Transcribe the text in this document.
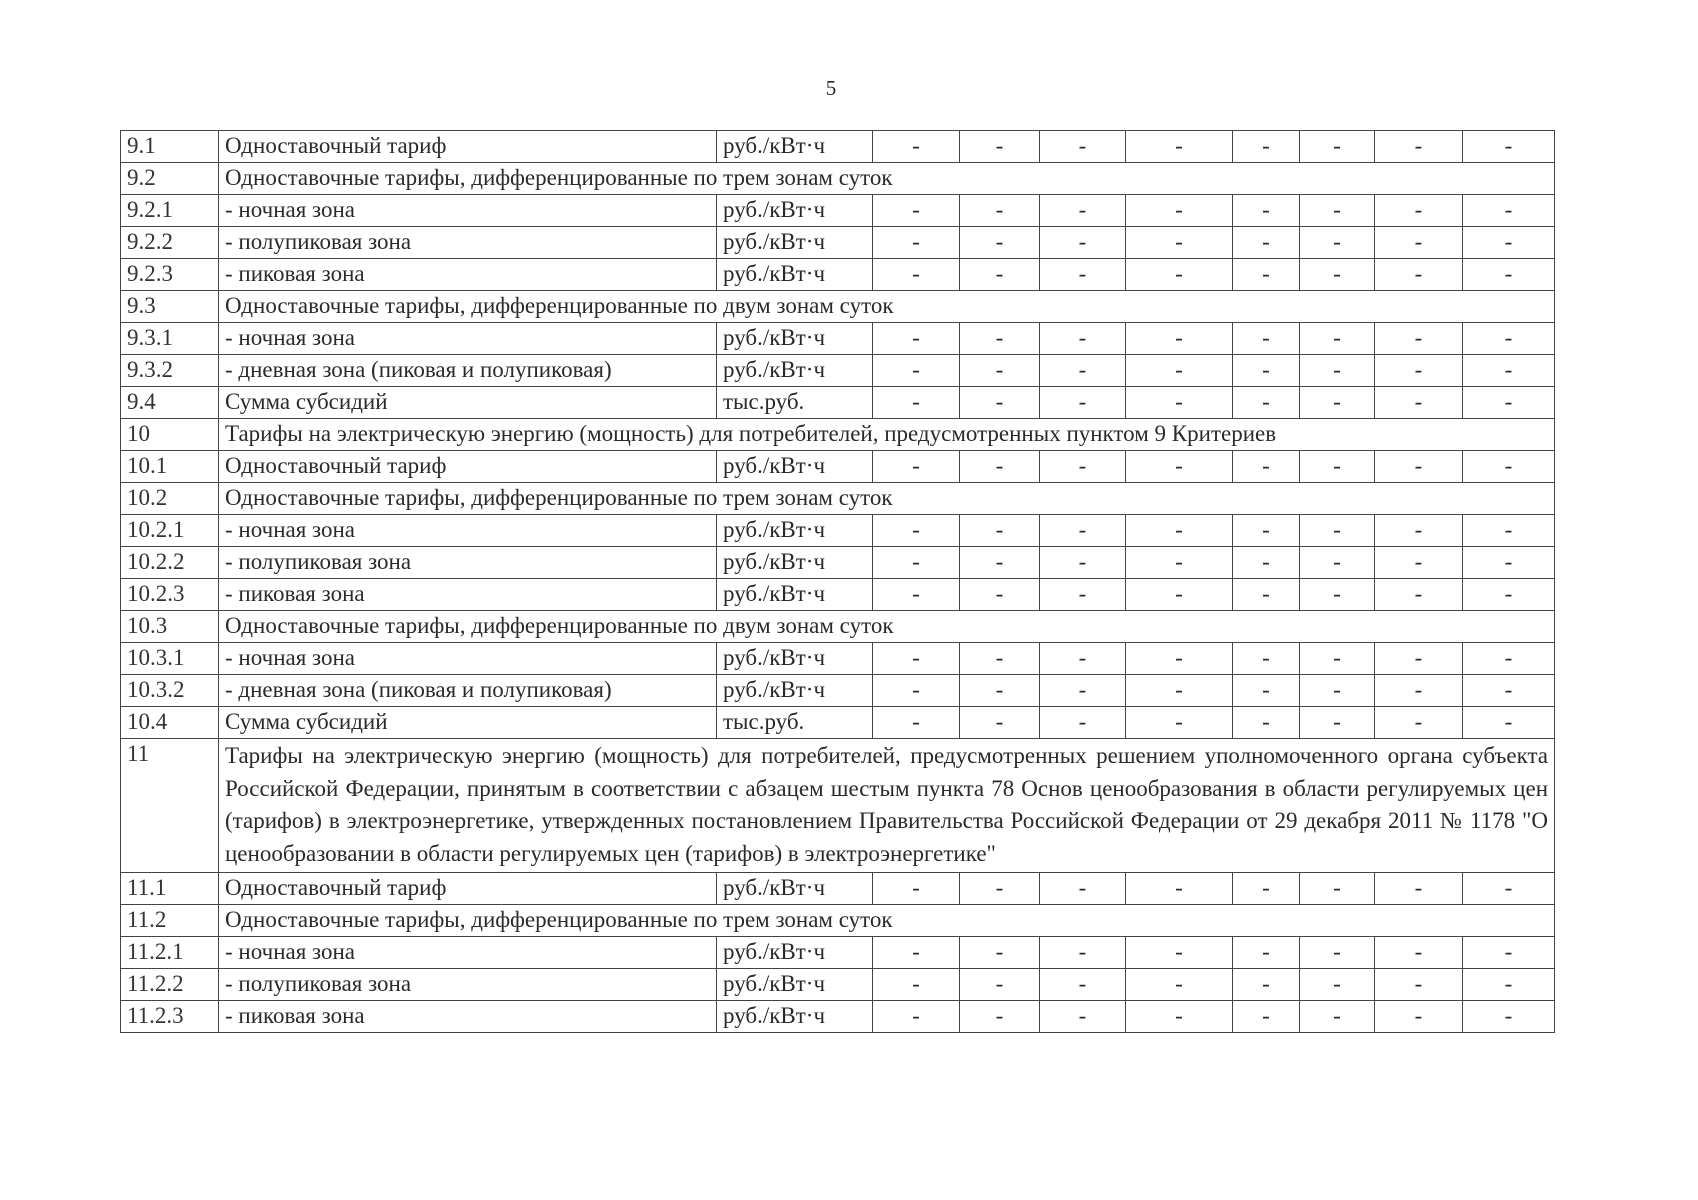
5
9.1	Одноставочный тариф	руб./кВт·ч	-	-	-	-	-	-	-	-
9.2	Одноставочные тарифы, дифференцированные по трем зонам суток									
9.2.1	- ночная зона	руб./кВт·ч	-	-	-	-	-	-	-	-
9.2.2	- полупиковая зона	руб./кВт·ч	-	-	-	-	-	-	-	-
9.2.3	- пиковая зона	руб./кВт·ч	-	-	-	-	-	-	-	-
9.3	Одноставочные тарифы, дифференцированные по двум зонам суток									
9.3.1	- ночная зона	руб./кВт·ч	-	-	-	-	-	-	-	-
9.3.2	- дневная зона (пиковая и полупиковая)	руб./кВт·ч	-	-	-	-	-	-	-	-
9.4	Сумма субсидий	тыс.руб.	-	-	-	-	-	-	-	-
10	Тарифы на электрическую энергию (мощность) для потребителей, предусмотренных пунктом 9 Критериев									
10.1	Одноставочный тариф	руб./кВт·ч	-	-	-	-	-	-	-	-
10.2	Одноставочные тарифы, дифференцированные по трем зонам суток									
10.2.1	- ночная зона	руб./кВт·ч	-	-	-	-	-	-	-	-
10.2.2	- полупиковая зона	руб./кВт·ч	-	-	-	-	-	-	-	-
10.2.3	- пиковая зона	руб./кВт·ч	-	-	-	-	-	-	-	-
10.3	Одноставочные тарифы, дифференцированные по двум зонам суток									
10.3.1	- ночная зона	руб./кВт·ч	-	-	-	-	-	-	-	-
10.3.2	- дневная зона (пиковая и полупиковая)	руб./кВт·ч	-	-	-	-	-	-	-	-
10.4	Сумма субсидий	тыс.руб.	-	-	-	-	-	-	-	-
11	Тарифы на электрическую энергию (мощность) для потребителей, предусмотренных решением уполномоченного органа субъекта Российской Федерации, принятым в соответствии с абзацем шестым пункта 78 Основ ценообразования в области регулируемых цен (тарифов) в электроэнергетике, утвержденных постановлением Правительства Российской Федерации от 29 декабря 2011 № 1178 "О ценообразовании в области регулируемых цен (тарифов) в электроэнергетике"									
11.1	Одноставочный тариф	руб./кВт·ч	-	-	-	-	-	-	-	-
11.2	Одноставочные тарифы, дифференцированные по трем зонам суток									
11.2.1	- ночная зона	руб./кВт·ч	-	-	-	-	-	-	-	-
11.2.2	- полупиковая зона	руб./кВт·ч	-	-	-	-	-	-	-	-
11.2.3	- пиковая зона	руб./кВт·ч	-	-	-	-	-	-	-	-
